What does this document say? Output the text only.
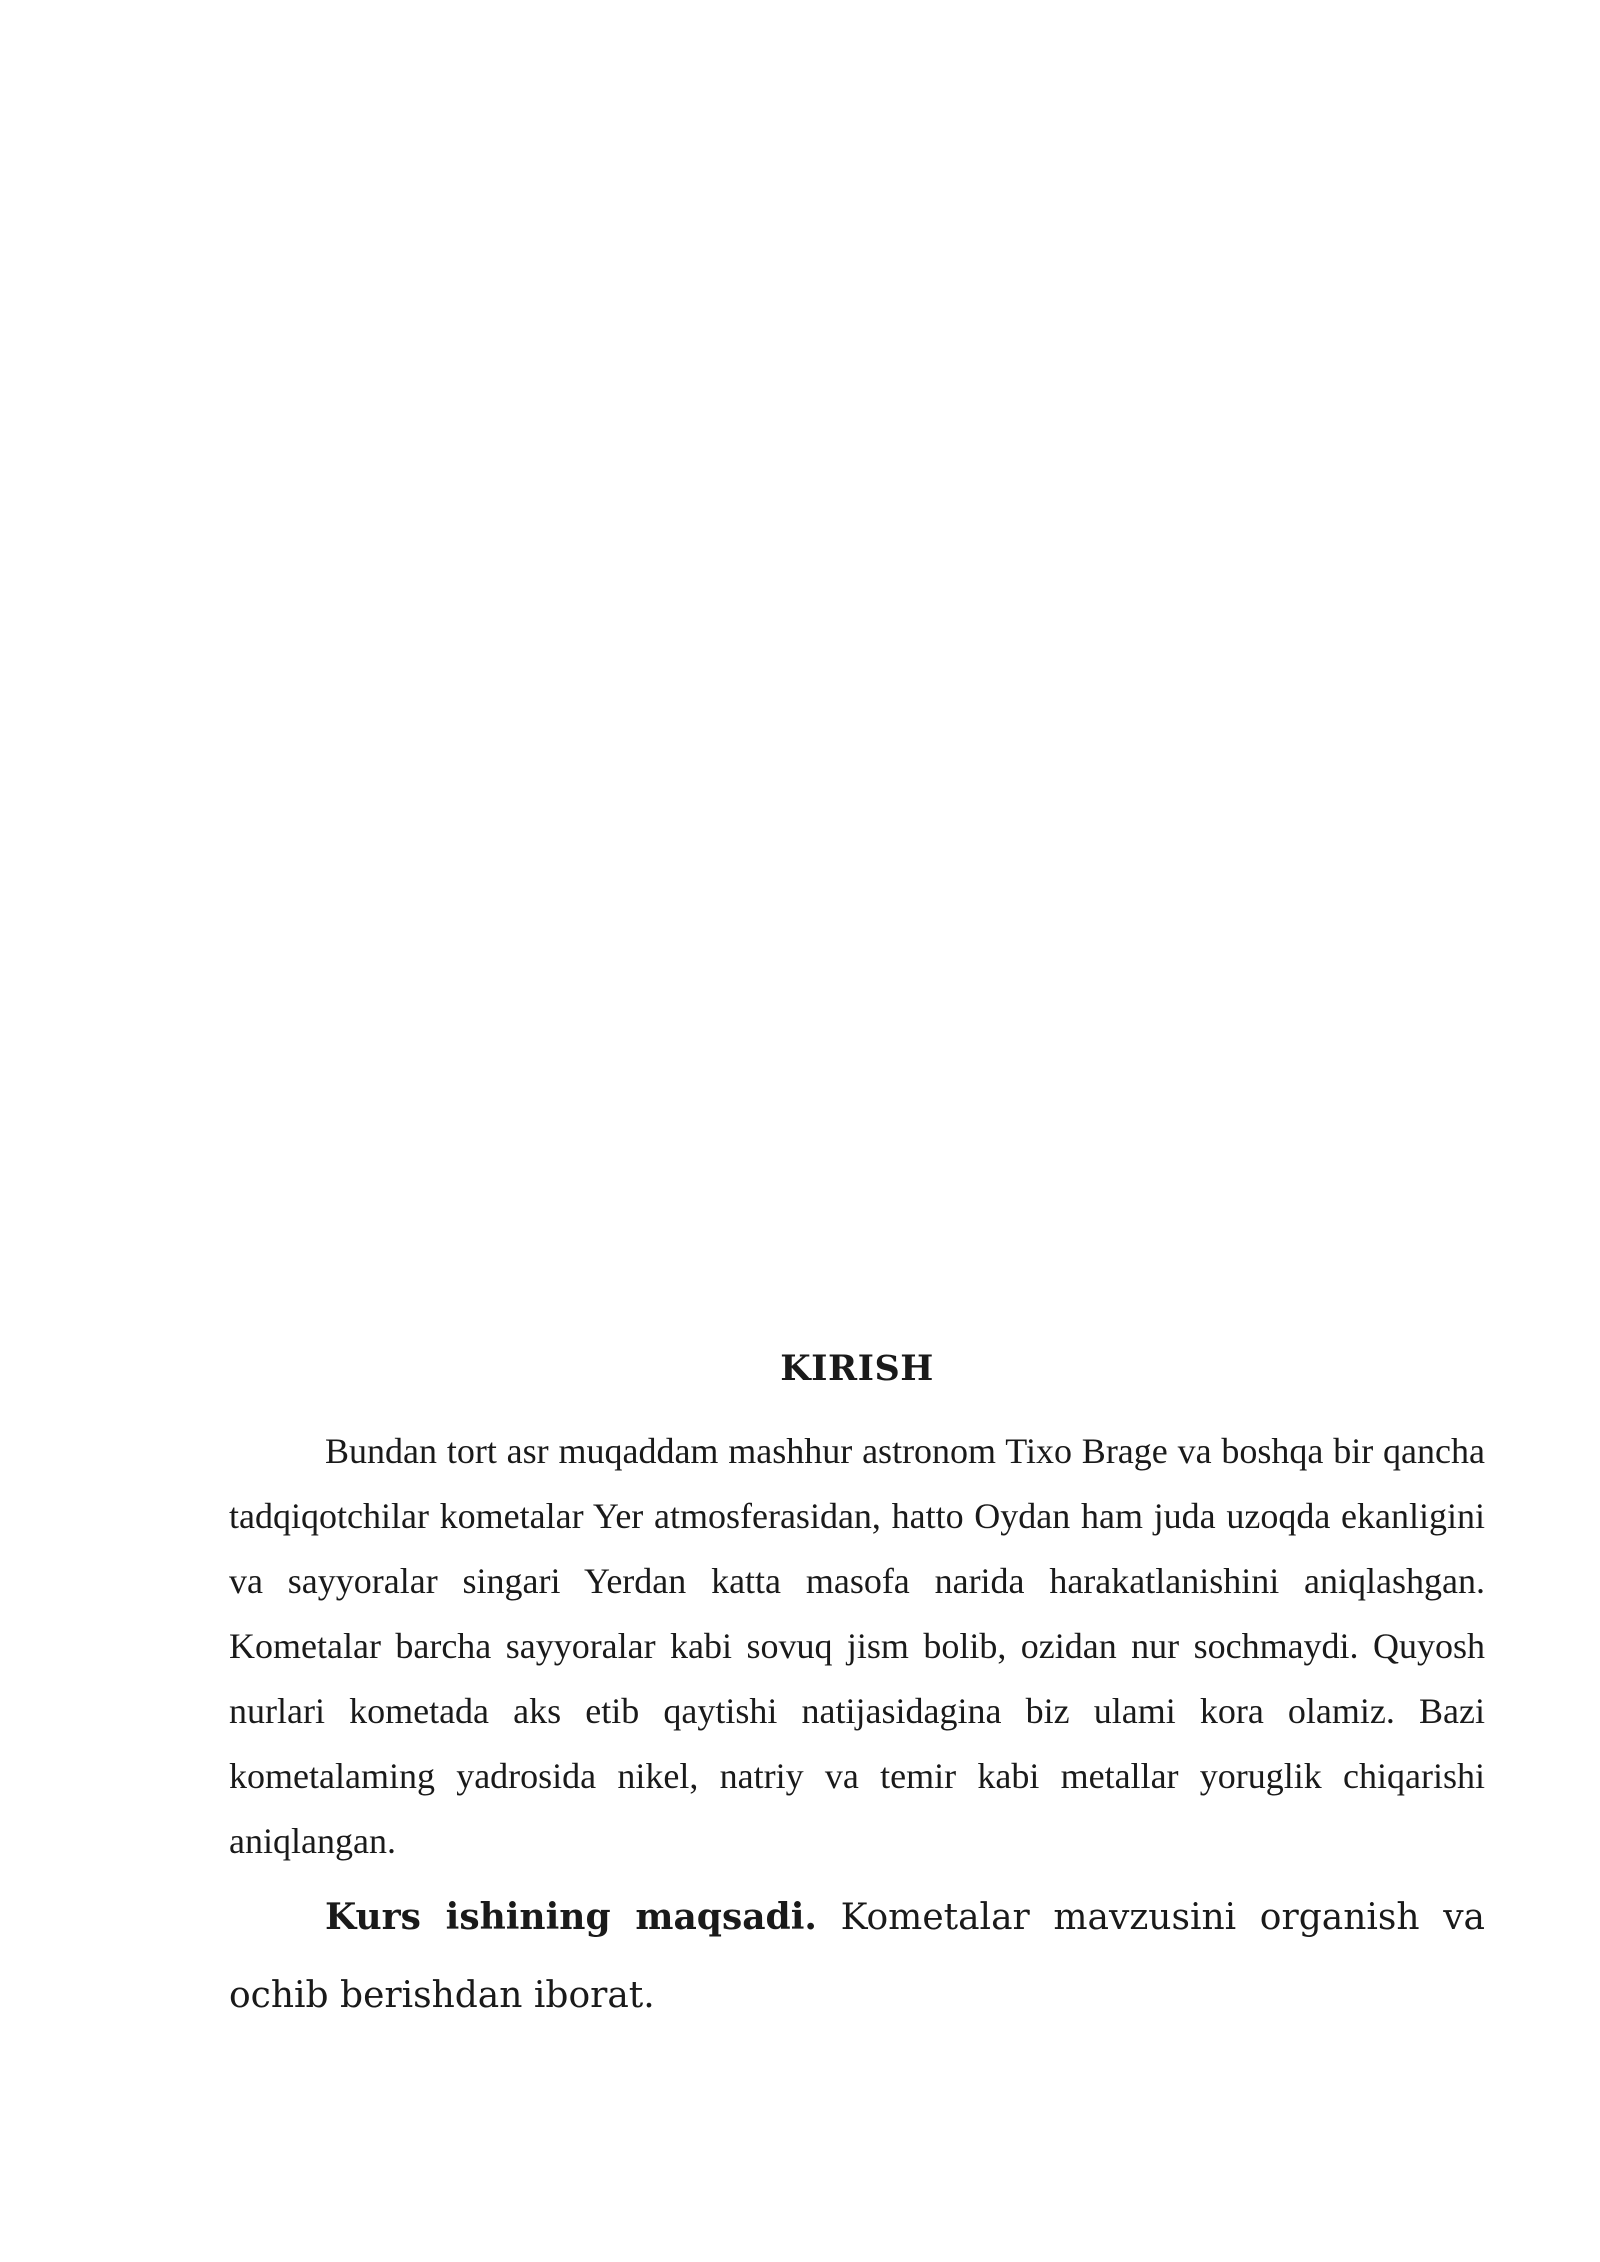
KIRISH

Bundan tort asr muqaddam mashhur astronom Tixo Brage va boshqa bir qancha tadqiqotchilar kometalar Yer atmosferasidan, hatto Oydan ham juda uzoqda ekanligini va sayyoralar singari Yerdan katta masofa narida harakatlanishini aniqlashgan. Kometalar barcha sayyoralar kabi sovuq jism bolib, ozidan nur sochmaydi. Quyosh nurlari kometada aks etib qaytishi natijasidagina biz ulami kora olamiz. Bazi kometalaming yadrosida nikel, natriy va temir kabi metallar yoruglik chiqarishi aniqlangan.

Kurs ishining maqsadi. Kometalar mavzusini organish va ochib berishdan iborat.
